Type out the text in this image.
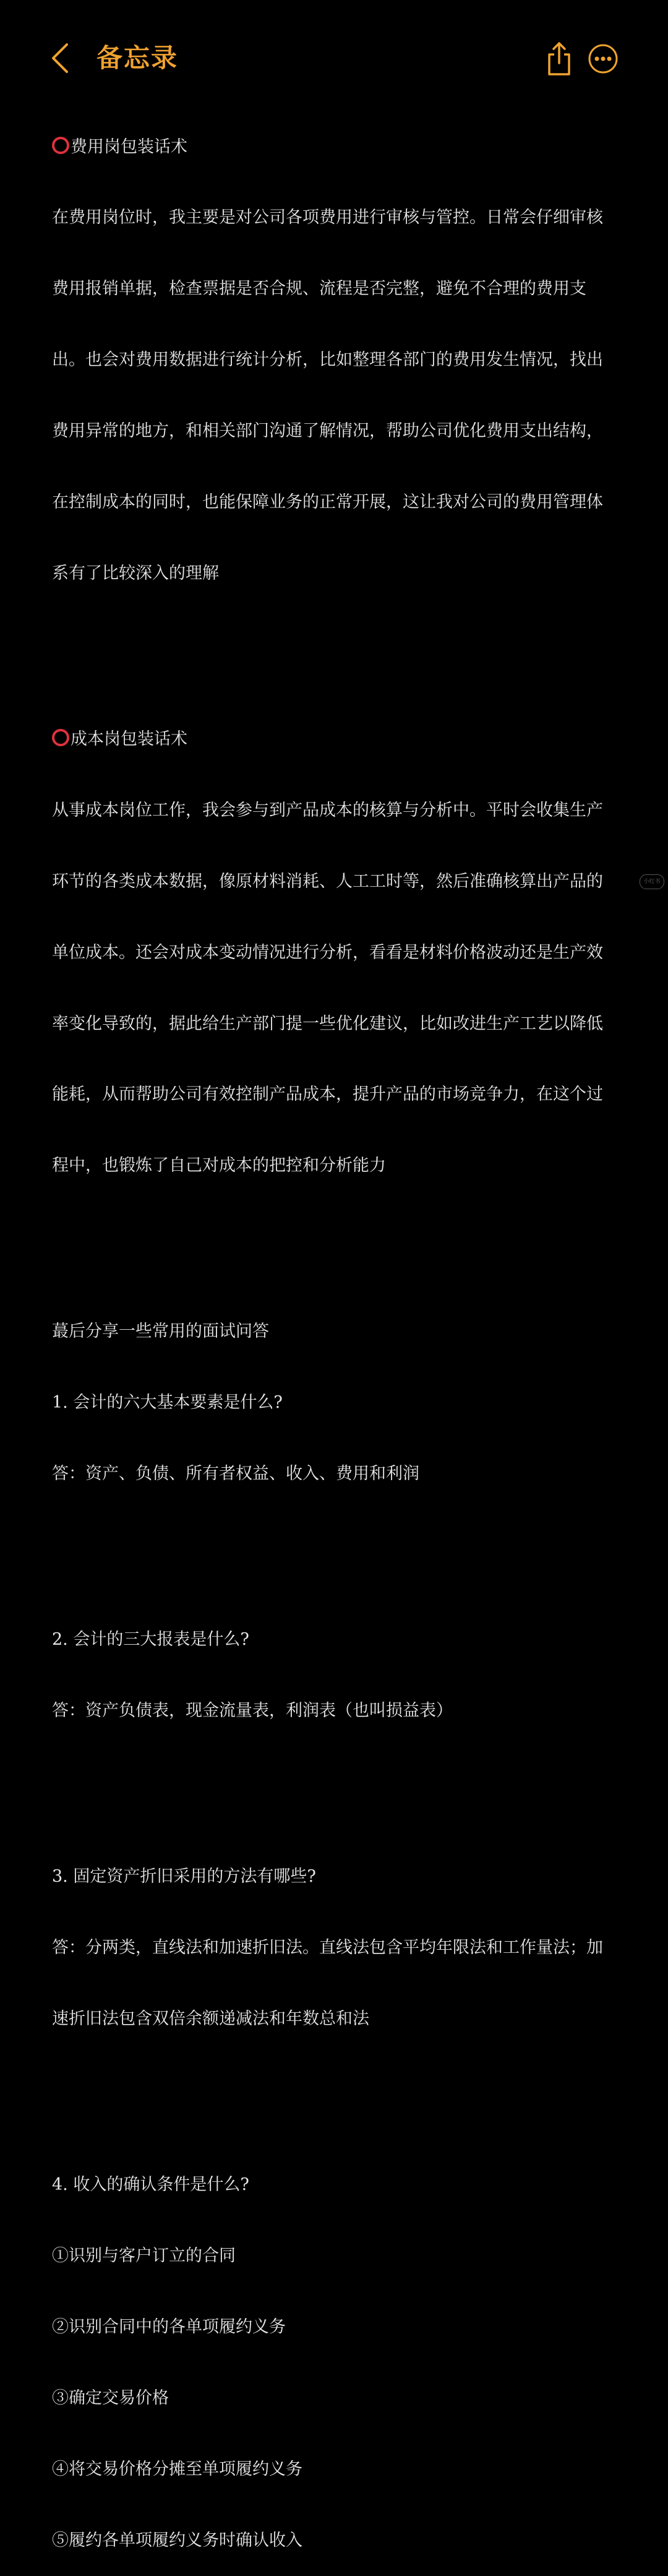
备忘录

费用岗包装话术

在费用岗位时，我主要是对公司各项费用进行审核与管控。日常会仔细审核

费用报销单据，检查票据是否合规、流程是否完整，避免不合理的费用支

出。也会对费用数据进行统计分析，比如整理各部门的费用发生情况，找出

费用异常的地方，和相关部门沟通了解情况，帮助公司优化费用支出结构，

在控制成本的同时，也能保障业务的正常开展，这让我对公司的费用管理体

系有了比较深入的理解

成本岗包装话术

从事成本岗位工作，我会参与到产品成本的核算与分析中。平时会收集生产

环节的各类成本数据，像原材料消耗、人工工时等，然后准确核算出产品的

单位成本。还会对成本变动情况进行分析，看看是材料价格波动还是生产效

率变化导致的，据此给生产部门提一些优化建议，比如改进生产工艺以降低

能耗，从而帮助公司有效控制产品成本，提升产品的市场竞争力，在这个过

程中，也锻炼了自己对成本的把控和分析能力

蕞后分享一些常用的面试问答

1. 会计的六大基本要素是什么?

答：资产、负债、所有者权益、收入、费用和利润

2. 会计的三大报表是什么?

答：资产负债表，现金流量表，利润表（也叫损益表）

3. 固定资产折旧采用的方法有哪些?

答：分两类，直线法和加速折旧法。直线法包含平均年限法和工作量法；加

速折旧法包含双倍余额递减法和年数总和法

4. 收入的确认条件是什么?

①识别与客户订立的合同

②识别合同中的各单项履约义务

③确定交易价格

④将交易价格分摊至单项履约义务

⑤履约各单项履约义务时确认收入

小红书
